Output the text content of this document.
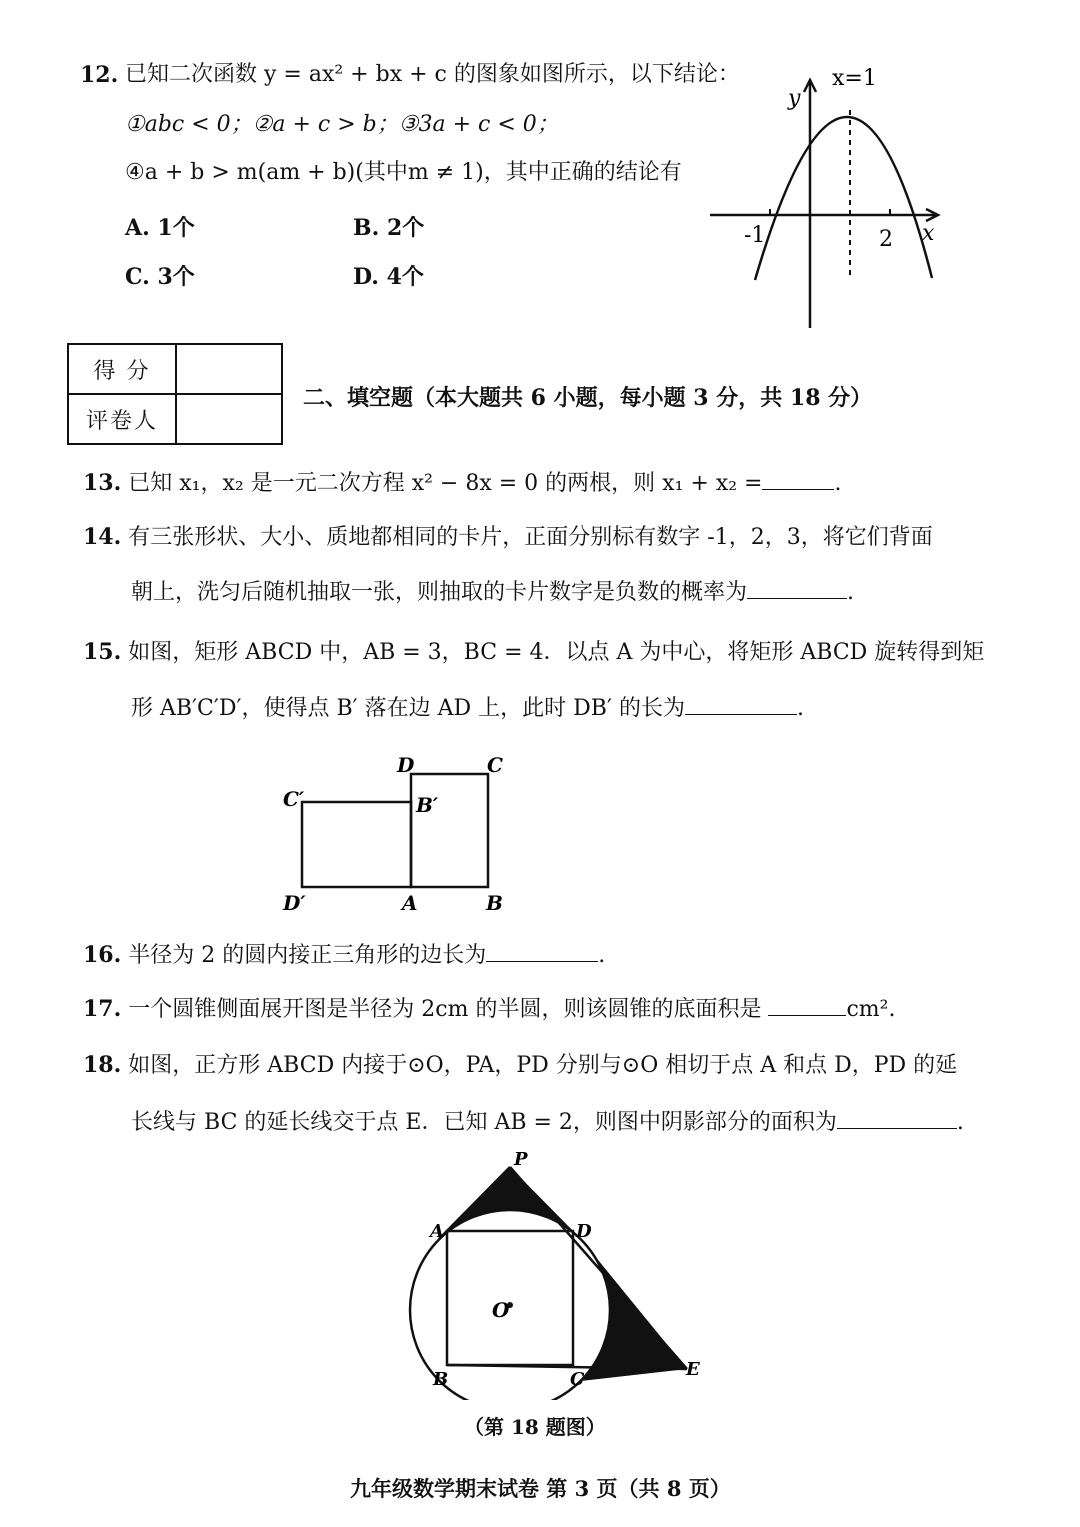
12. 已知二次函数 y = ax² + bx + c 的图象如图所示，以下结论：
①abc < 0；②a + c > b；③3a + c < 0；
④a + b > m(am + b)(其中m ≠ 1)，其中正确的结论有
A. 1个	B. 2个
C. 3个	D. 4个
x=1
y
x
-1	2
得 分	
评卷人	
二、填空题（本大题共 6 小题，每小题 3 分，共 18 分）
13. 已知 x₁，x₂ 是一元二次方程 x² − 8x = 0 的两根，则 x₁ + x₂ =	.
14. 有三张形状、大小、质地都相同的卡片，正面分别标有数字 -1，2，3，将它们背面
朝上，洗匀后随机抽取一张，则抽取的卡片数字是负数的概率为	.
15. 如图，矩形 ABCD 中，AB = 3，BC = 4．以点 A 为中心，将矩形 ABCD 旋转得到矩
形 AB′C′D′，使得点 B′ 落在边 AD 上，此时 DB′ 的长为	.
D	C
C′	B′
D′	A	B
16. 半径为 2 的圆内接正三角形的边长为	.
17. 一个圆锥侧面展开图是半径为 2cm 的半圆，则该圆锥的底面积是	cm².
18. 如图，正方形 ABCD 内接于⊙O，PA，PD 分别与⊙O 相切于点 A 和点 D，PD 的延
长线与 BC 的延长线交于点 E．已知 AB = 2，则图中阴影部分的面积为	.
P
A	D
O
B	C	E
（第 18 题图）
九年级数学期末试卷 第 3 页（共 8 页）
